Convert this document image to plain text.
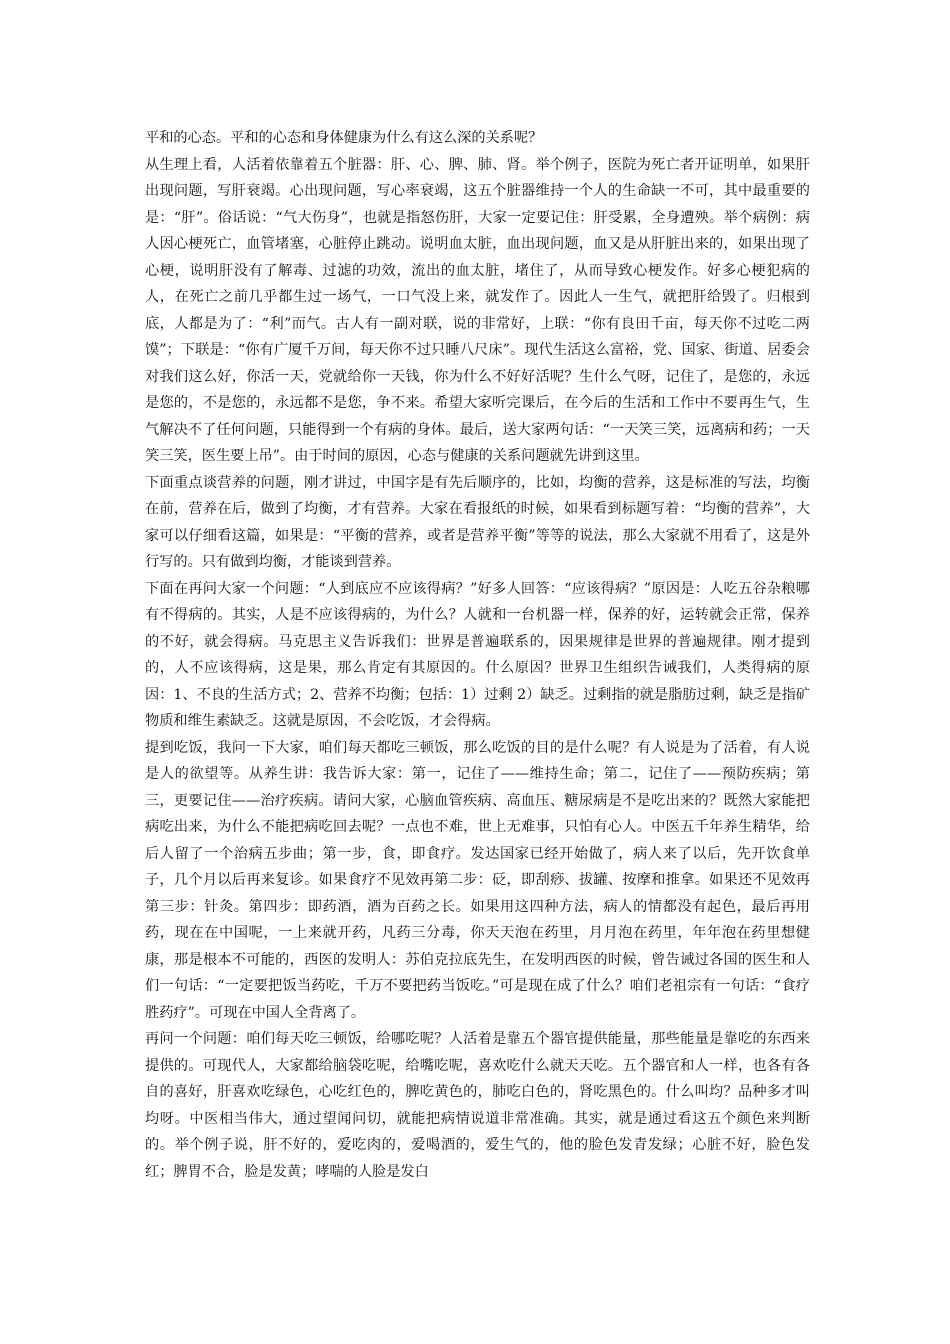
平和的心态。平和的心态和身体健康为什么有这么深的关系呢？

从生理上看，人活着依靠着五个脏器：肝、心、脾、肺、肾。举个例子，医院为死亡者开证明单，如果肝出现问题，写肝衰竭。心出现问题，写心率衰竭，这五个脏器维持一个人的生命缺一不可，其中最重要的是：“肝”。俗话说：“气大伤身”，也就是指怒伤肝，大家一定要记住：肝受累，全身遭殃。举个病例：病人因心梗死亡，血管堵塞，心脏停止跳动。说明血太脏，血出现问题，血又是从肝脏出来的，如果出现了心梗，说明肝没有了解毒、过滤的功效，流出的血太脏，堵住了，从而导致心梗发作。好多心梗犯病的人，在死亡之前几乎都生过一场气，一口气没上来，就发作了。因此人一生气，就把肝给毁了。归根到底，人都是为了：“利”而气。古人有一副对联，说的非常好，上联：“你有良田千亩，每天你不过吃二两馍”；下联是：“你有广厦千万间，每天你不过只睡八尺床”。现代生活这么富裕，党、国家、街道、居委会对我们这么好，你活一天，党就给你一天钱，你为什么不好好活呢？生什么气呀，记住了，是您的，永远是您的，不是您的，永远都不是您，争不来。希望大家听完课后，在今后的生活和工作中不要再生气，生气解决不了任何问题，只能得到一个有病的身体。最后，送大家两句话：“一天笑三笑，远离病和药；一天笑三笑，医生要上吊”。由于时间的原因，心态与健康的关系问题就先讲到这里。

下面重点谈营养的问题，刚才讲过，中国字是有先后顺序的，比如，均衡的营养，这是标准的写法，均衡在前，营养在后，做到了均衡，才有营养。大家在看报纸的时候，如果看到标题写着：“均衡的营养”，大家可以仔细看这篇，如果是：“平衡的营养，或者是营养平衡”等等的说法，那么大家就不用看了，这是外行写的。只有做到均衡，才能谈到营养。

下面在再问大家一个问题：“人到底应不应该得病？”好多人回答：“应该得病？”原因是：人吃五谷杂粮哪有不得病的。其实，人是不应该得病的，为什么？人就和一台机器一样，保养的好，运转就会正常，保养的不好，就会得病。马克思主义告诉我们：世界是普遍联系的，因果规律是世界的普遍规律。刚才提到的，人不应该得病，这是果，那么肯定有其原因的。什么原因？世界卫生组织告诫我们，人类得病的原因：1、不良的生活方式；2、营养不均衡；包括：1）过剩 2）缺乏。过剩指的就是脂肪过剩，缺乏是指矿物质和维生素缺乏。这就是原因，不会吃饭，才会得病。

提到吃饭，我问一下大家，咱们每天都吃三顿饭，那么吃饭的目的是什么呢？有人说是为了活着，有人说是人的欲望等。从养生讲：我告诉大家：第一，记住了——维持生命；第二，记住了——预防疾病；第三，更要记住——治疗疾病。请问大家，心脑血管疾病、高血压、糖尿病是不是吃出来的？既然大家能把病吃出来，为什么不能把病吃回去呢？一点也不难，世上无难事，只怕有心人。中医五千年养生精华，给后人留了一个治病五步曲；第一步，食，即食疗。发达国家已经开始做了，病人来了以后，先开饮食单子，几个月以后再来复诊。如果食疗不见效再第二步：砭，即刮痧、拔罐、按摩和推拿。如果还不见效再第三步：针灸。第四步：即药酒，酒为百药之长。如果用这四种方法，病人的情都没有起色，最后再用药，现在在中国呢，一上来就开药，凡药三分毒，你天天泡在药里，月月泡在药里，年年泡在药里想健康，那是根本不可能的，西医的发明人：苏伯克拉底先生，在发明西医的时候，曾告诫过各国的医生和人们一句话：“一定要把饭当药吃，千万不要把药当饭吃。”可是现在成了什么？咱们老祖宗有一句话：“食疗胜药疗”。可现在中国人全背离了。

再问一个问题：咱们每天吃三顿饭，给哪吃呢？人活着是靠五个器官提供能量，那些能量是靠吃的东西来提供的。可现代人，大家都给脑袋吃呢，给嘴吃呢，喜欢吃什么就天天吃。五个器官和人一样，也各有各自的喜好，肝喜欢吃绿色，心吃红色的，脾吃黄色的，肺吃白色的，肾吃黑色的。什么叫均？品种多才叫均呀。中医相当伟大，通过望闻问切，就能把病情说道非常准确。其实，就是通过看这五个颜色来判断的。举个例子说，肝不好的，爱吃肉的，爱喝酒的，爱生气的，他的脸色发青发绿；心脏不好，脸色发红；脾胃不合，脸是发黄；哮喘的人脸是发白
